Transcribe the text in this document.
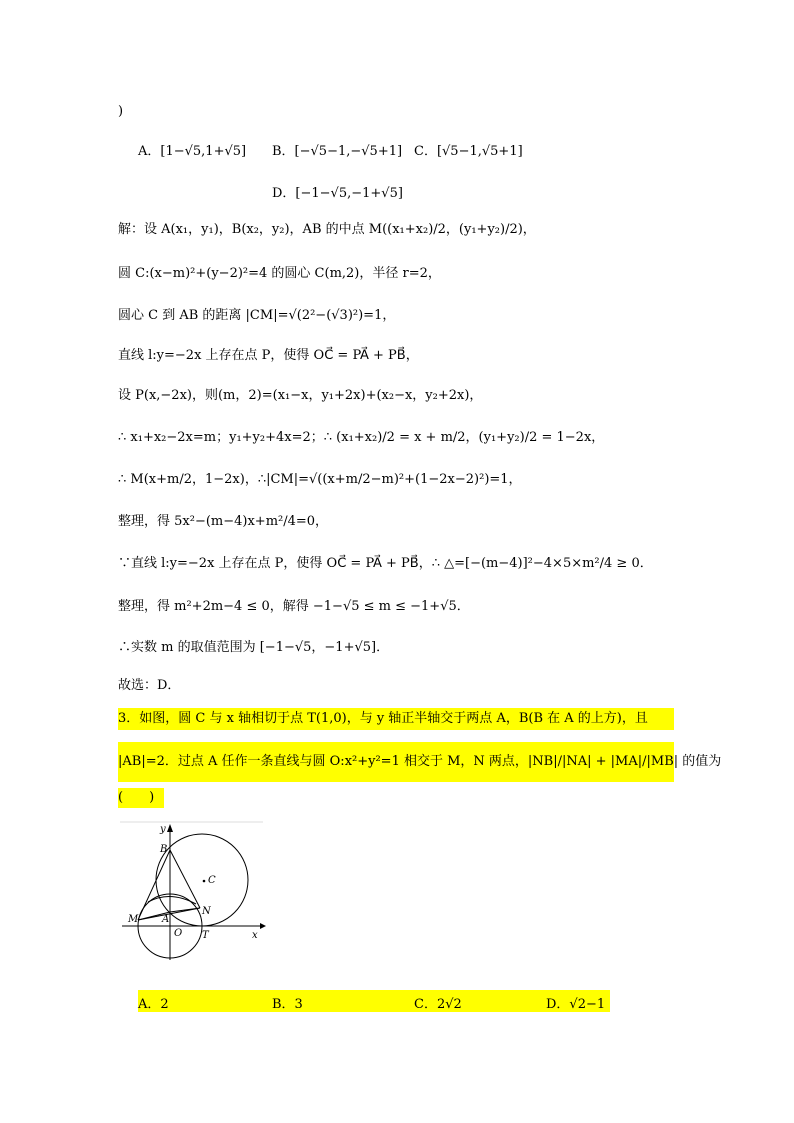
)
A．[1−√5,1+√5] B．[−√5−1,−√5+1] C．[√5−1,√5+1]
D．[−1−√5,−1+√5]
解：设 A(x₁，y₁)，B(x₂，y₂)，AB 的中点 M((x₁+x₂)/2，(y₁+y₂)/2)，
圆 C:(x−m)²+(y−2)²=4 的圆心 C(m,2)，半径 r=2，
圆心 C 到 AB 的距离 |CM|=√(2²−(√3)²)=1，
直线 l:y=−2x 上存在点 P，使得 OC⃗ = PA⃗ + PB⃗，
设 P(x,−2x)，则(m，2)=(x₁−x，y₁+2x)+(x₂−x，y₂+2x)，
∴ x₁+x₂−2x=m；y₁+y₂+4x=2；∴ (x₁+x₂)/2 = x + m/2，(y₁+y₂)/2 = 1−2x，
∴ M(x+m/2，1−2x)，∴|CM|=√((x+m/2−m)²+(1−2x−2)²)=1，
整理，得 5x²−(m−4)x+m²/4=0，
∵直线 l:y=−2x 上存在点 P，使得 OC⃗ = PA⃗ + PB⃗，∴ △=[−(m−4)]²−4×5×m²/4 ≥ 0．
整理，得 m²+2m−4 ≤ 0，解得 −1−√5 ≤ m ≤ −1+√5．
∴实数 m 的取值范围为 [−1−√5，−1+√5]．
故选：D．
3．如图，圆 C 与 x 轴相切于点 T(1,0)，与 y 轴正半轴交于两点 A，B(B 在 A 的上方)，且
|AB|=2．过点 A 任作一条直线与圆 O:x²+y²=1 相交于 M，N 两点，|NB|/|NA| + |MA|/|MB| 的值为
(　　)
y
x
B
C
N
M A
O T
A．2	B．3	C．2√2	D．√2−1
